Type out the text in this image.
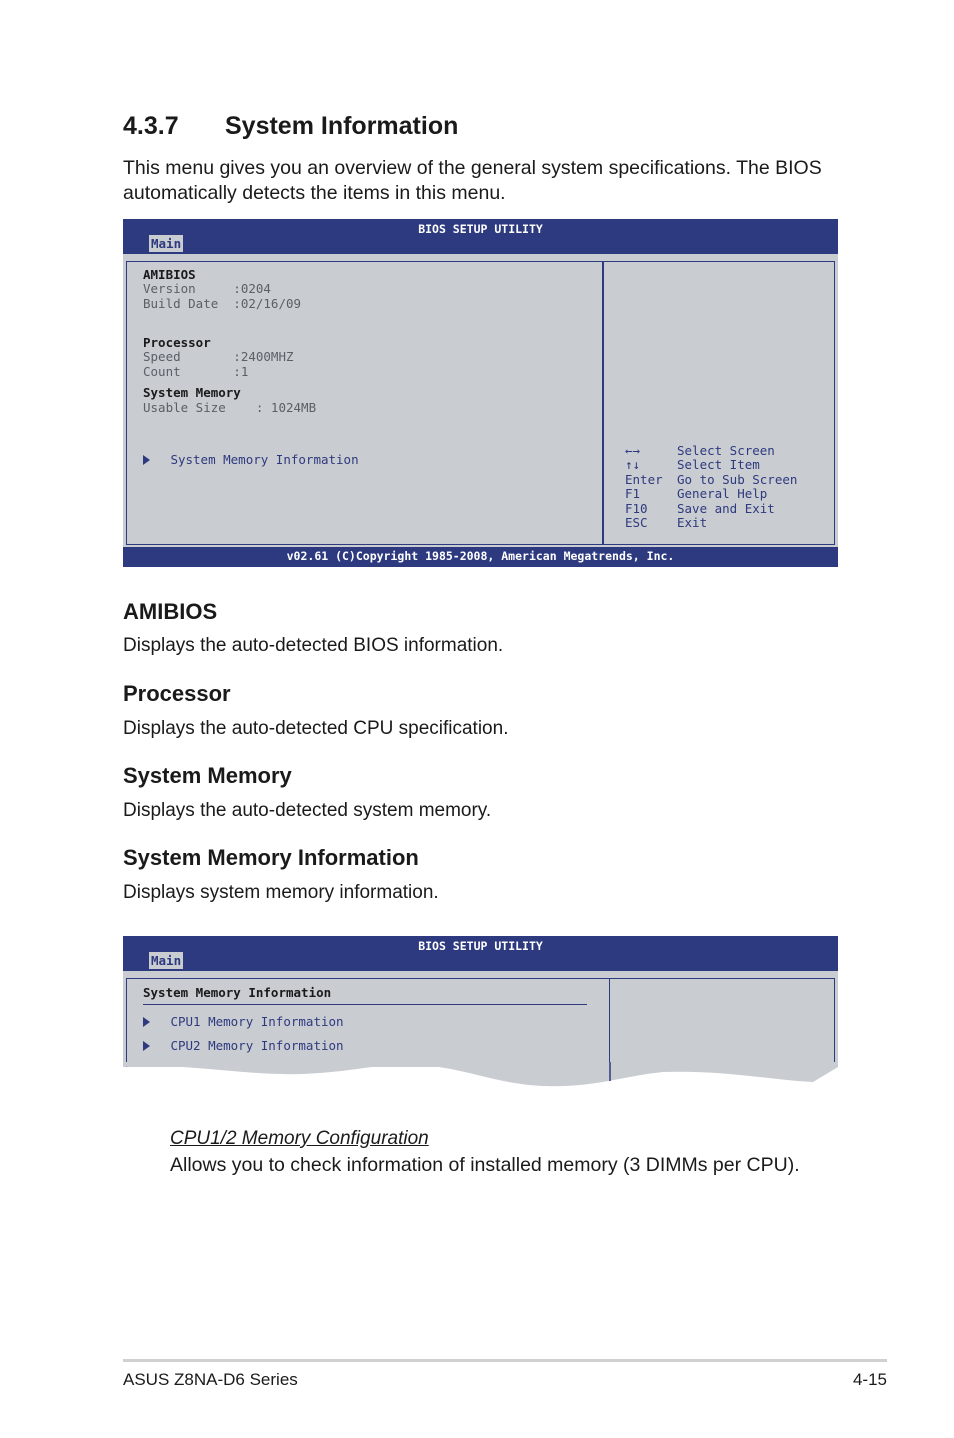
4.3.7 System Information
This menu gives you an overview of the general system specifications. The BIOS automatically detects the items in this menu.
BIOS SETUP UTILITY
Main
AMIBIOS
Version     :0204
Build Date  :02/16/09
Processor
Speed       :2400MHZ
Count       :1
System Memory
Usable Size    : 1024MB
System Memory Information
←→	Select Screen
↑↓	Select Item
Enter Go to Sub Screen
F1	General Help
F10 Save and Exit
ESC Exit
v02.61 (C)Copyright 1985-2008, American Megatrends, Inc.
AMIBIOS
Displays the auto-detected BIOS information.
Processor
Displays the auto-detected CPU specification.
System Memory
Displays the auto-detected system memory.
System Memory Information
Displays system memory information.
BIOS SETUP UTILITY
Main
System Memory Information
CPU1 Memory Information
CPU2 Memory Information
CPU1/2 Memory Configuration
Allows you to check information of installed memory (3 DIMMs per CPU).
ASUS Z8NA-D6 Series	4-15
